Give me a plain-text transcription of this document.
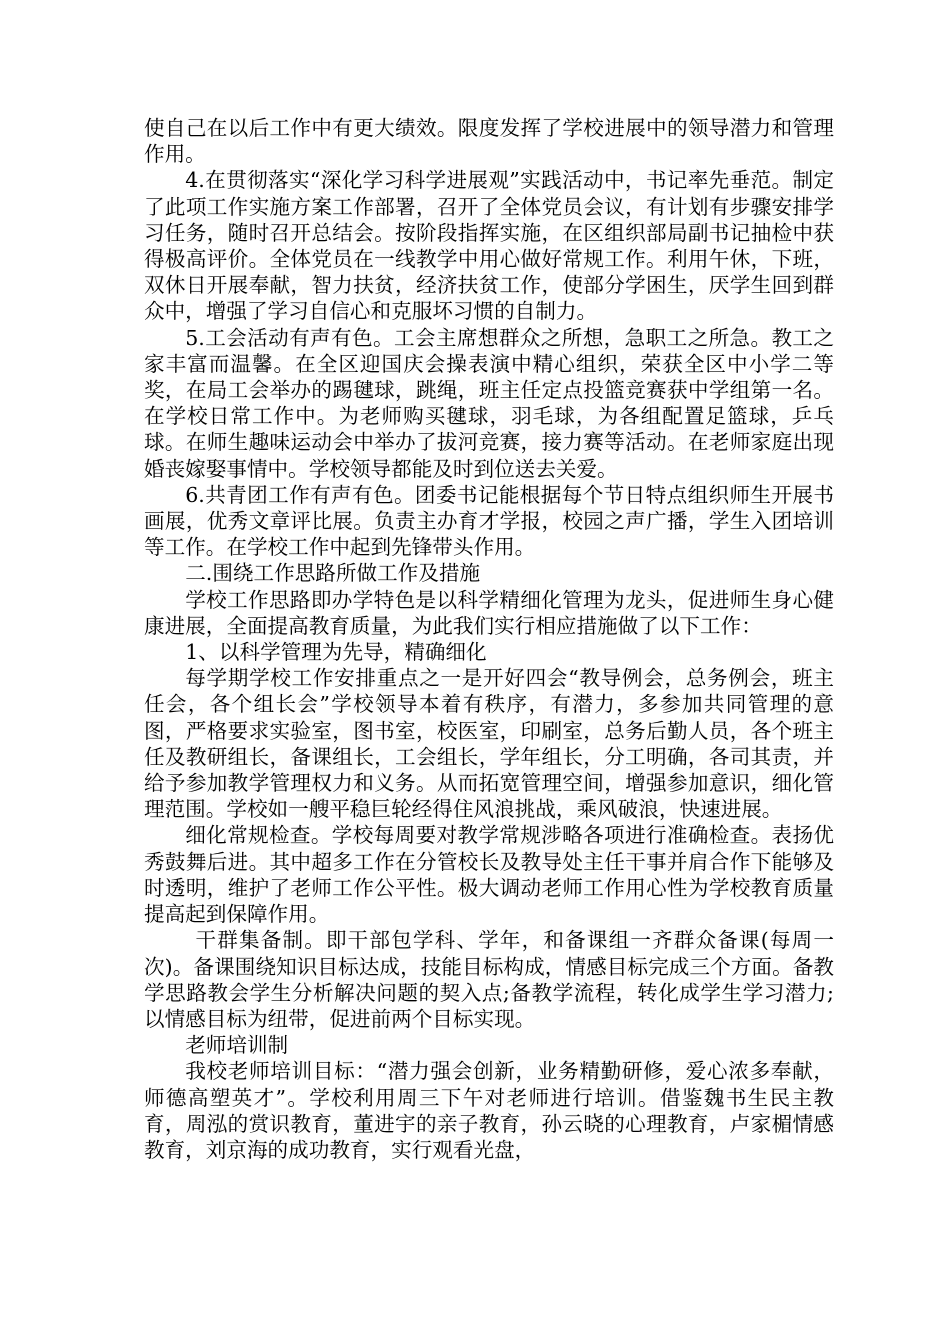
使自己在以后工作中有更大绩效。限度发挥了学校进展中的领导潜力和管理作用。

4.在贯彻落实“深化学习科学进展观”实践活动中，书记率先垂范。制定了此项工作实施方案工作部署，召开了全体党员会议，有计划有步骤安排学习任务，随时召开总结会。按阶段指挥实施，在区组织部局副书记抽检中获得极高评价。全体党员在一线教学中用心做好常规工作。利用午休，下班，双休日开展奉献，智力扶贫，经济扶贫工作，使部分学困生，厌学生回到群众中，增强了学习自信心和克服坏习惯的自制力。

5.工会活动有声有色。工会主席想群众之所想，急职工之所急。教工之家丰富而温馨。在全区迎国庆会操表演中精心组织，荣获全区中小学二等奖，在局工会举办的踢毽球，跳绳，班主任定点投篮竞赛获中学组第一名。在学校日常工作中。为老师购买毽球，羽毛球，为各组配置足篮球，乒乓球。在师生趣味运动会中举办了拔河竞赛，接力赛等活动。在老师家庭出现婚丧嫁娶事情中。学校领导都能及时到位送去关爱。

6.共青团工作有声有色。团委书记能根据每个节日特点组织师生开展书画展，优秀文章评比展。负责主办育才学报，校园之声广播，学生入团培训等工作。在学校工作中起到先锋带头作用。

二.围绕工作思路所做工作及措施

学校工作思路即办学特色是以科学精细化管理为龙头，促进师生身心健康进展，全面提高教育质量，为此我们实行相应措施做了以下工作：

1、以科学管理为先导，精确细化

每学期学校工作安排重点之一是开好四会“教导例会，总务例会，班主任会，各个组长会”学校领导本着有秩序，有潜力，多参加共同管理的意图，严格要求实验室，图书室，校医室，印刷室，总务后勤人员，各个班主任及教研组长，备课组长，工会组长，学年组长，分工明确，各司其责，并给予参加教学管理权力和义务。从而拓宽管理空间，增强参加意识，细化管理范围。学校如一艘平稳巨轮经得住风浪挑战，乘风破浪，快速进展。

细化常规检查。学校每周要对教学常规涉略各项进行准确检查。表扬优秀鼓舞后进。其中超多工作在分管校长及教导处主任干事并肩合作下能够及时透明，维护了老师工作公平性。极大调动老师工作用心性为学校教育质量提高起到保障作用。

干群集备制。即干部包学科、学年，和备课组一齐群众备课(每周一次)。备课围绕知识目标达成，技能目标构成，情感目标完成三个方面。备教学思路教会学生分析解决问题的契入点;备教学流程，转化成学生学习潜力;以情感目标为纽带，促进前两个目标实现。

老师培训制

我校老师培训目标：“潜力强会创新，业务精勤研修，爱心浓多奉献，师德高塑英才”。学校利用周三下午对老师进行培训。借鉴魏书生民主教育，周泓的赏识教育，董进宇的亲子教育，孙云晓的心理教育，卢家楣情感教育，刘京海的成功教育，实行观看光盘，
